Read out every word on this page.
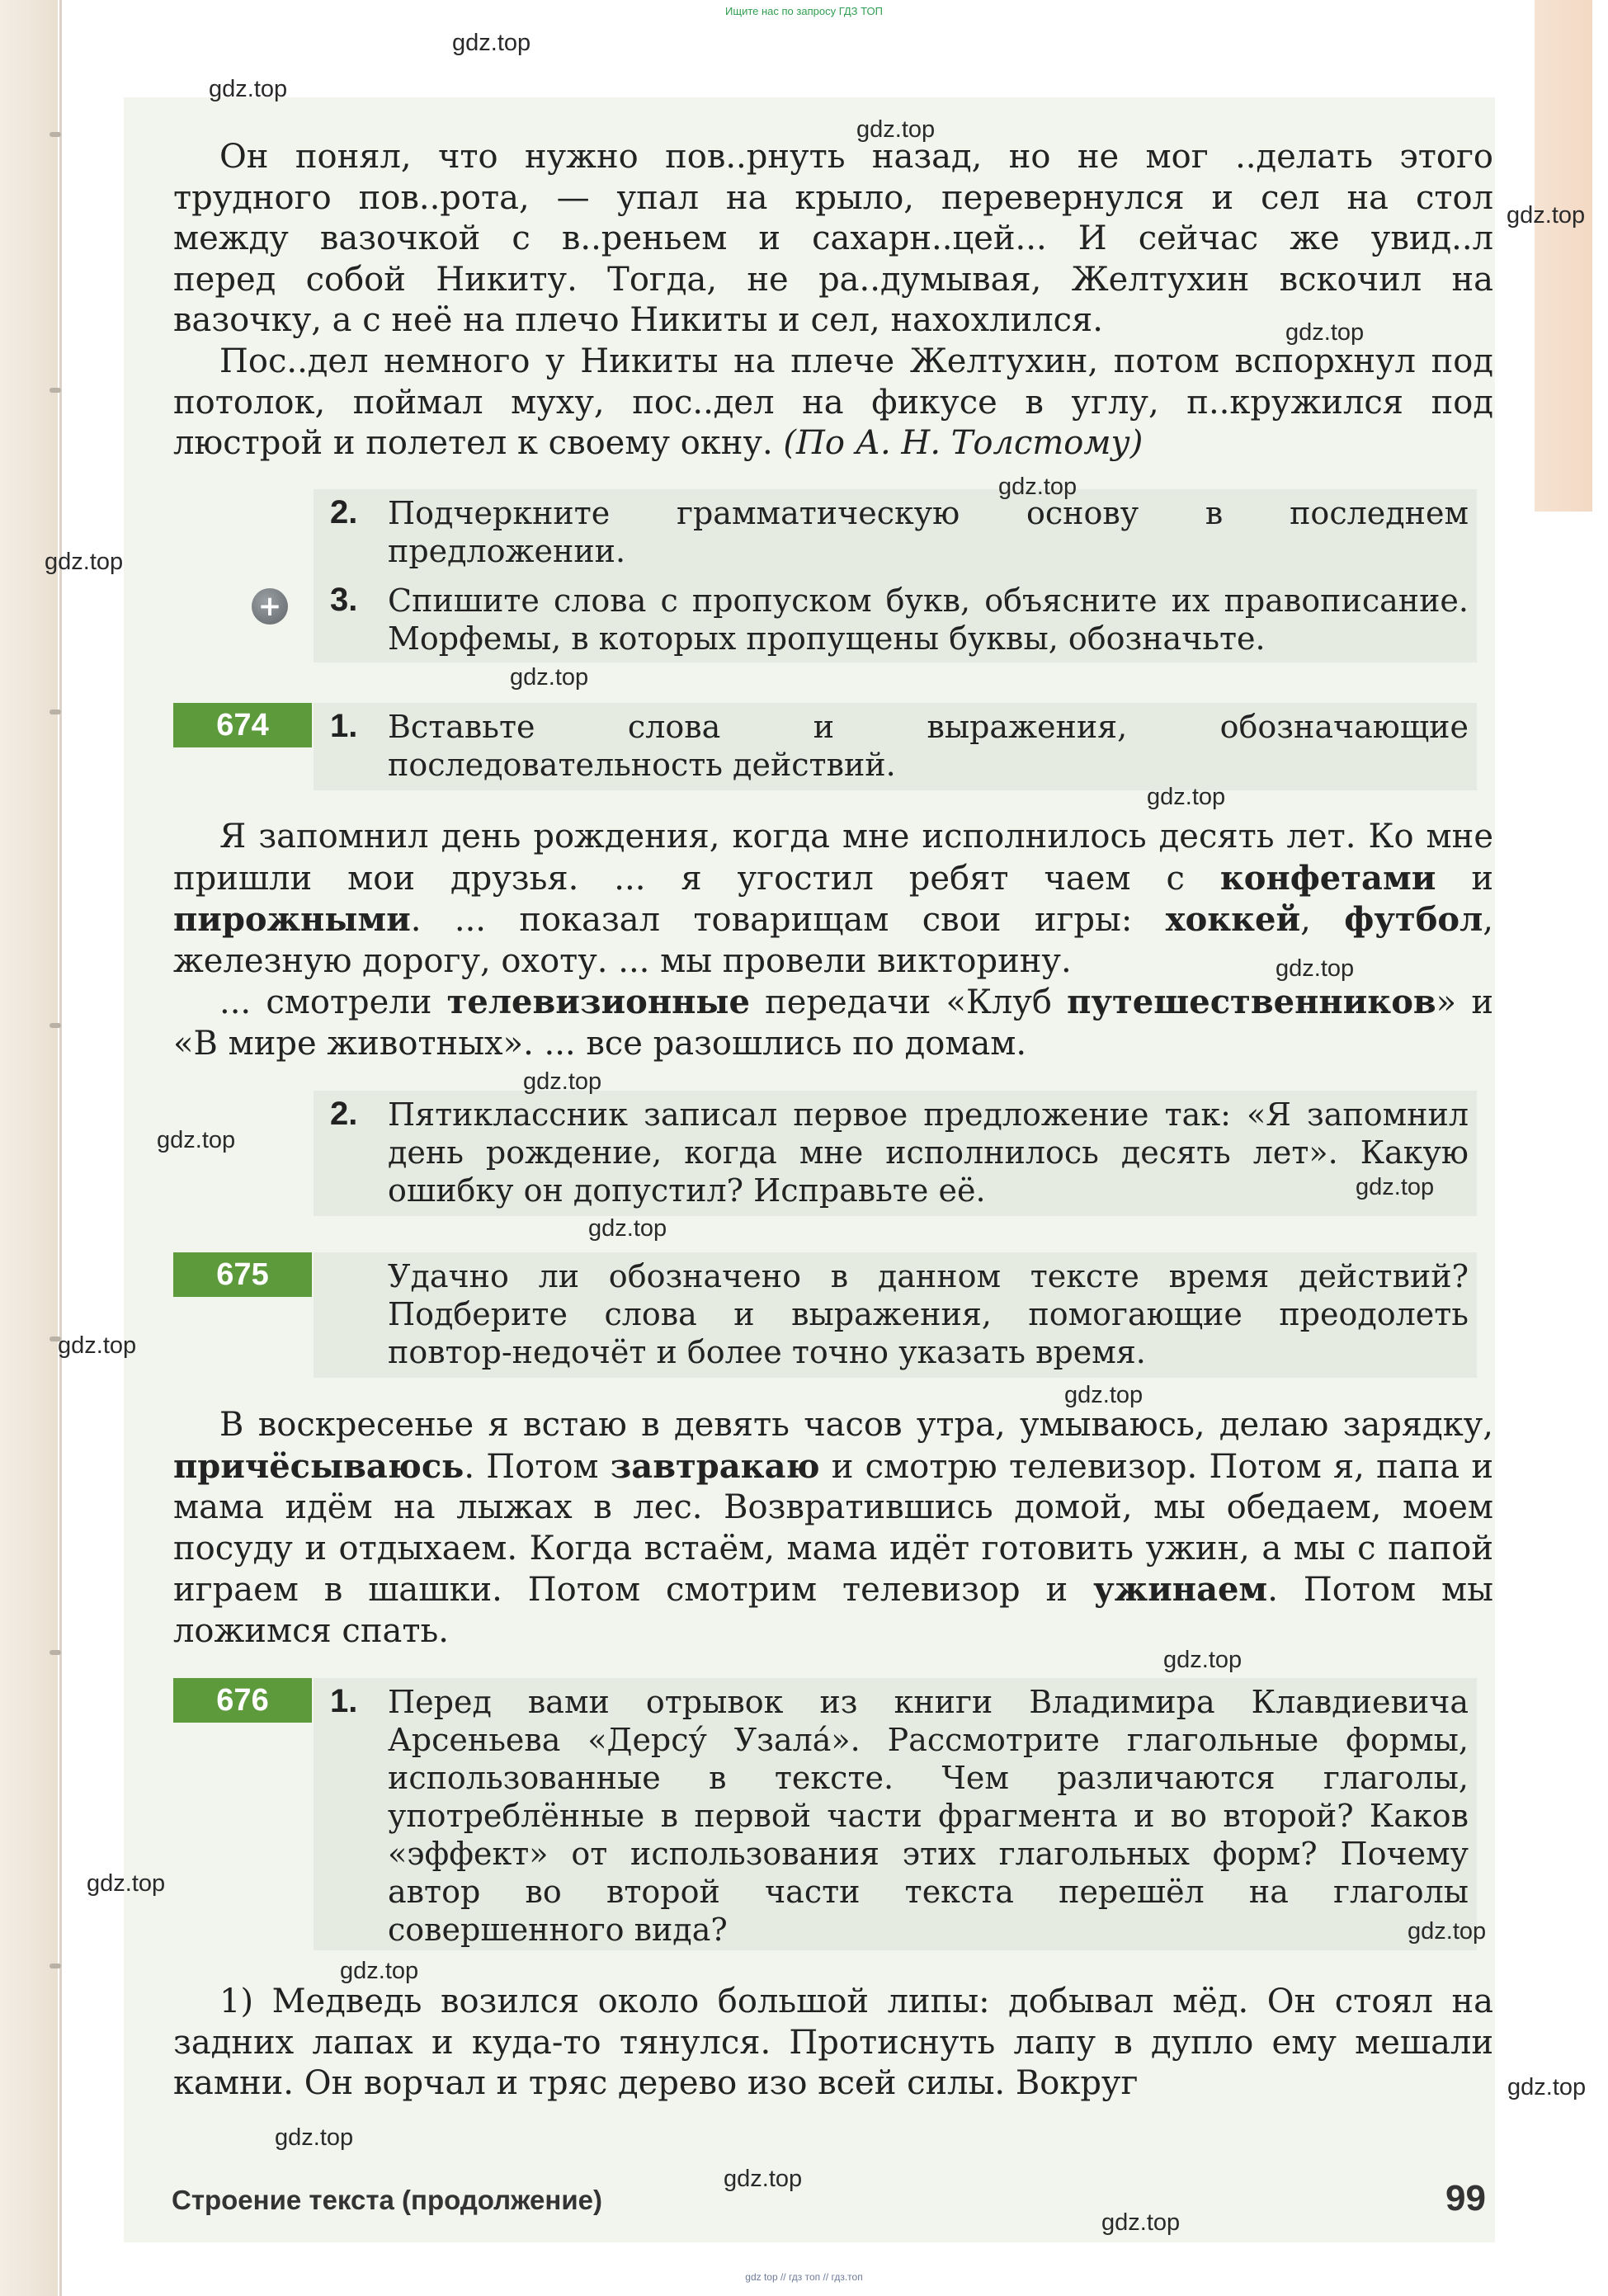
Ищите нас по запросу ГДЗ ТОП
Он понял, что нужно пов..рнуть назад, но не мог ..делать этого
трудного пов..рота, — упал на крыло, перевернулся и сел на стол
между вазочкой с в..реньем и сахарн..цей... И сейчас же увид..л
перед собой Никиту. Тогда, не ра..думывая, Желтухин вскочил на
вазочку, а с неё на плечо Никиты и сел, нахохлился.
Пос..дел немного у Никиты на плече Желтухин, потом вспорхнул под потолок, поймал муху, пос..дел на фикусе в углу, п..кружился под люстрой и полетел к своему окну. (По А. Н. Толстому)
2. Подчеркните грамматическую основу в последнем предложении.
+ 3. Спишите слова с пропуском букв, объясните их правописание. Морфемы, в которых пропущены буквы, обозначьте.
674	1. Вставьте слова и выражения, обозначающие последовательность действий.
Я запомнил день рождения, когда мне исполнилось десять лет. Ко мне пришли мои друзья. ... я угостил ребят чаем с конфетами и пирожными. ... показал товарищам свои игры: хоккей, футбол, железную дорогу, охоту. ... мы провели викторину.
... смотрели телевизионные передачи «Клуб путешественников» и «В мире животных». ... все разошлись по домам.
2. Пятиклассник записал первое предложение так: «Я запомнил день рождение, когда мне исполнилось десять лет». Какую ошибку он допустил? Исправьте её.
675	Удачно ли обозначено в данном тексте время действий? Подберите слова и выражения, помогающие преодолеть повтор-недочёт и более точно указать время.
В воскресенье я встаю в девять часов утра, умываюсь, делаю зарядку, причёсываюсь. Потом завтракаю и смотрю телевизор. Потом я, папа и мама идём на лыжах в лес. Возвратившись домой, мы обедаем, моем посуду и отдыхаем. Когда встаём, мама идёт готовить ужин, а мы с папой играем в шашки. Потом смотрим телевизор и ужинаем. Потом мы ложимся спать.
676	1. Перед вами отрывок из книги Владимира Клавдиевича Арсеньева «Дерсу́ Узала́». Рассмотрите глагольные формы, использованные в тексте. Чем различаются глаголы, употреблённые в первой части фрагмента и во второй? Каков «эффект» от использования этих глагольных форм? Почему автор во второй части текста перешёл на глаголы совершенного вида?
1) Медведь возился около большой липы: добывал мёд. Он стоял на задних лапах и куда-то тянулся. Протиснуть лапу в дупло ему мешали камни. Он ворчал и тряс дерево изо всей силы. Вокруг
Строение текста (продолжение)	99
gdz top // гдз топ // гдз.топ
gdz.top
gdz.top
gdz.top
gdz.top
gdz.top
gdz.top
gdz.top
gdz.top
gdz.top
gdz.top
gdz.top
gdz.top
gdz.top
gdz.top
gdz.top
gdz.top
gdz.top
gdz.top
gdz.top
gdz.top
gdz.top
gdz.top
gdz.top
gdz.top
